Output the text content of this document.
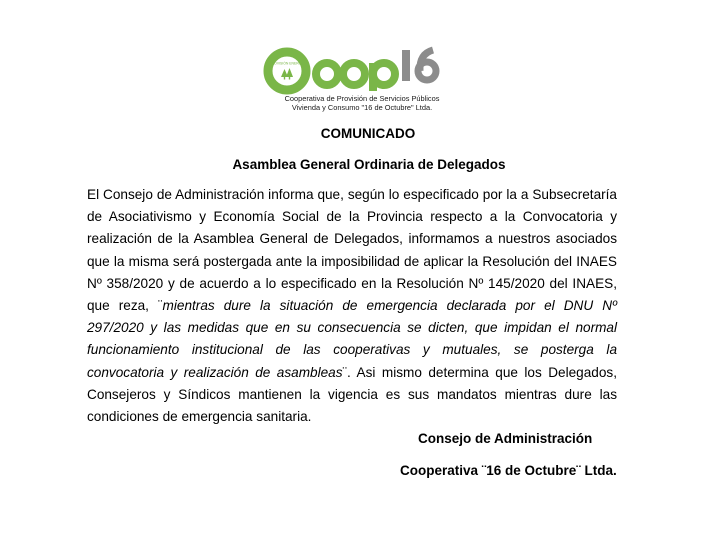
PROVISIÓN ENERGÍA
Cooperativa de Provisión de Servicios Públicos
Vivienda y Consumo "16 de Octubre" Ltda.
COMUNICADO
Asamblea General Ordinaria de Delegados
El Consejo de Administración informa que, según lo especificado por la a Subsecretaría
de Asociativismo y Economía Social de la Provincia respecto a la Convocatoria y
realización de la Asamblea General de Delegados, informamos a nuestros asociados
que la misma será postergada ante la imposibilidad de aplicar la Resolución del INAES
Nº 358/2020 y de acuerdo a lo especificado en la Resolución Nº 145/2020 del INAES,
que reza, ¨mientras dure la situación de emergencia declarada por el DNU Nº
297/2020 y las medidas que en su consecuencia se dicten, que impidan el normal
funcionamiento institucional de las cooperativas y mutuales, se posterga la
convocatoria y realización de asambleas¨. Asi mismo determina que los Delegados,
Consejeros y Síndicos mantienen la vigencia es sus mandatos mientras dure las
condiciones de emergencia sanitaria.
Consejo de Administración
Cooperativa ¨16 de Octubre¨ Ltda.
